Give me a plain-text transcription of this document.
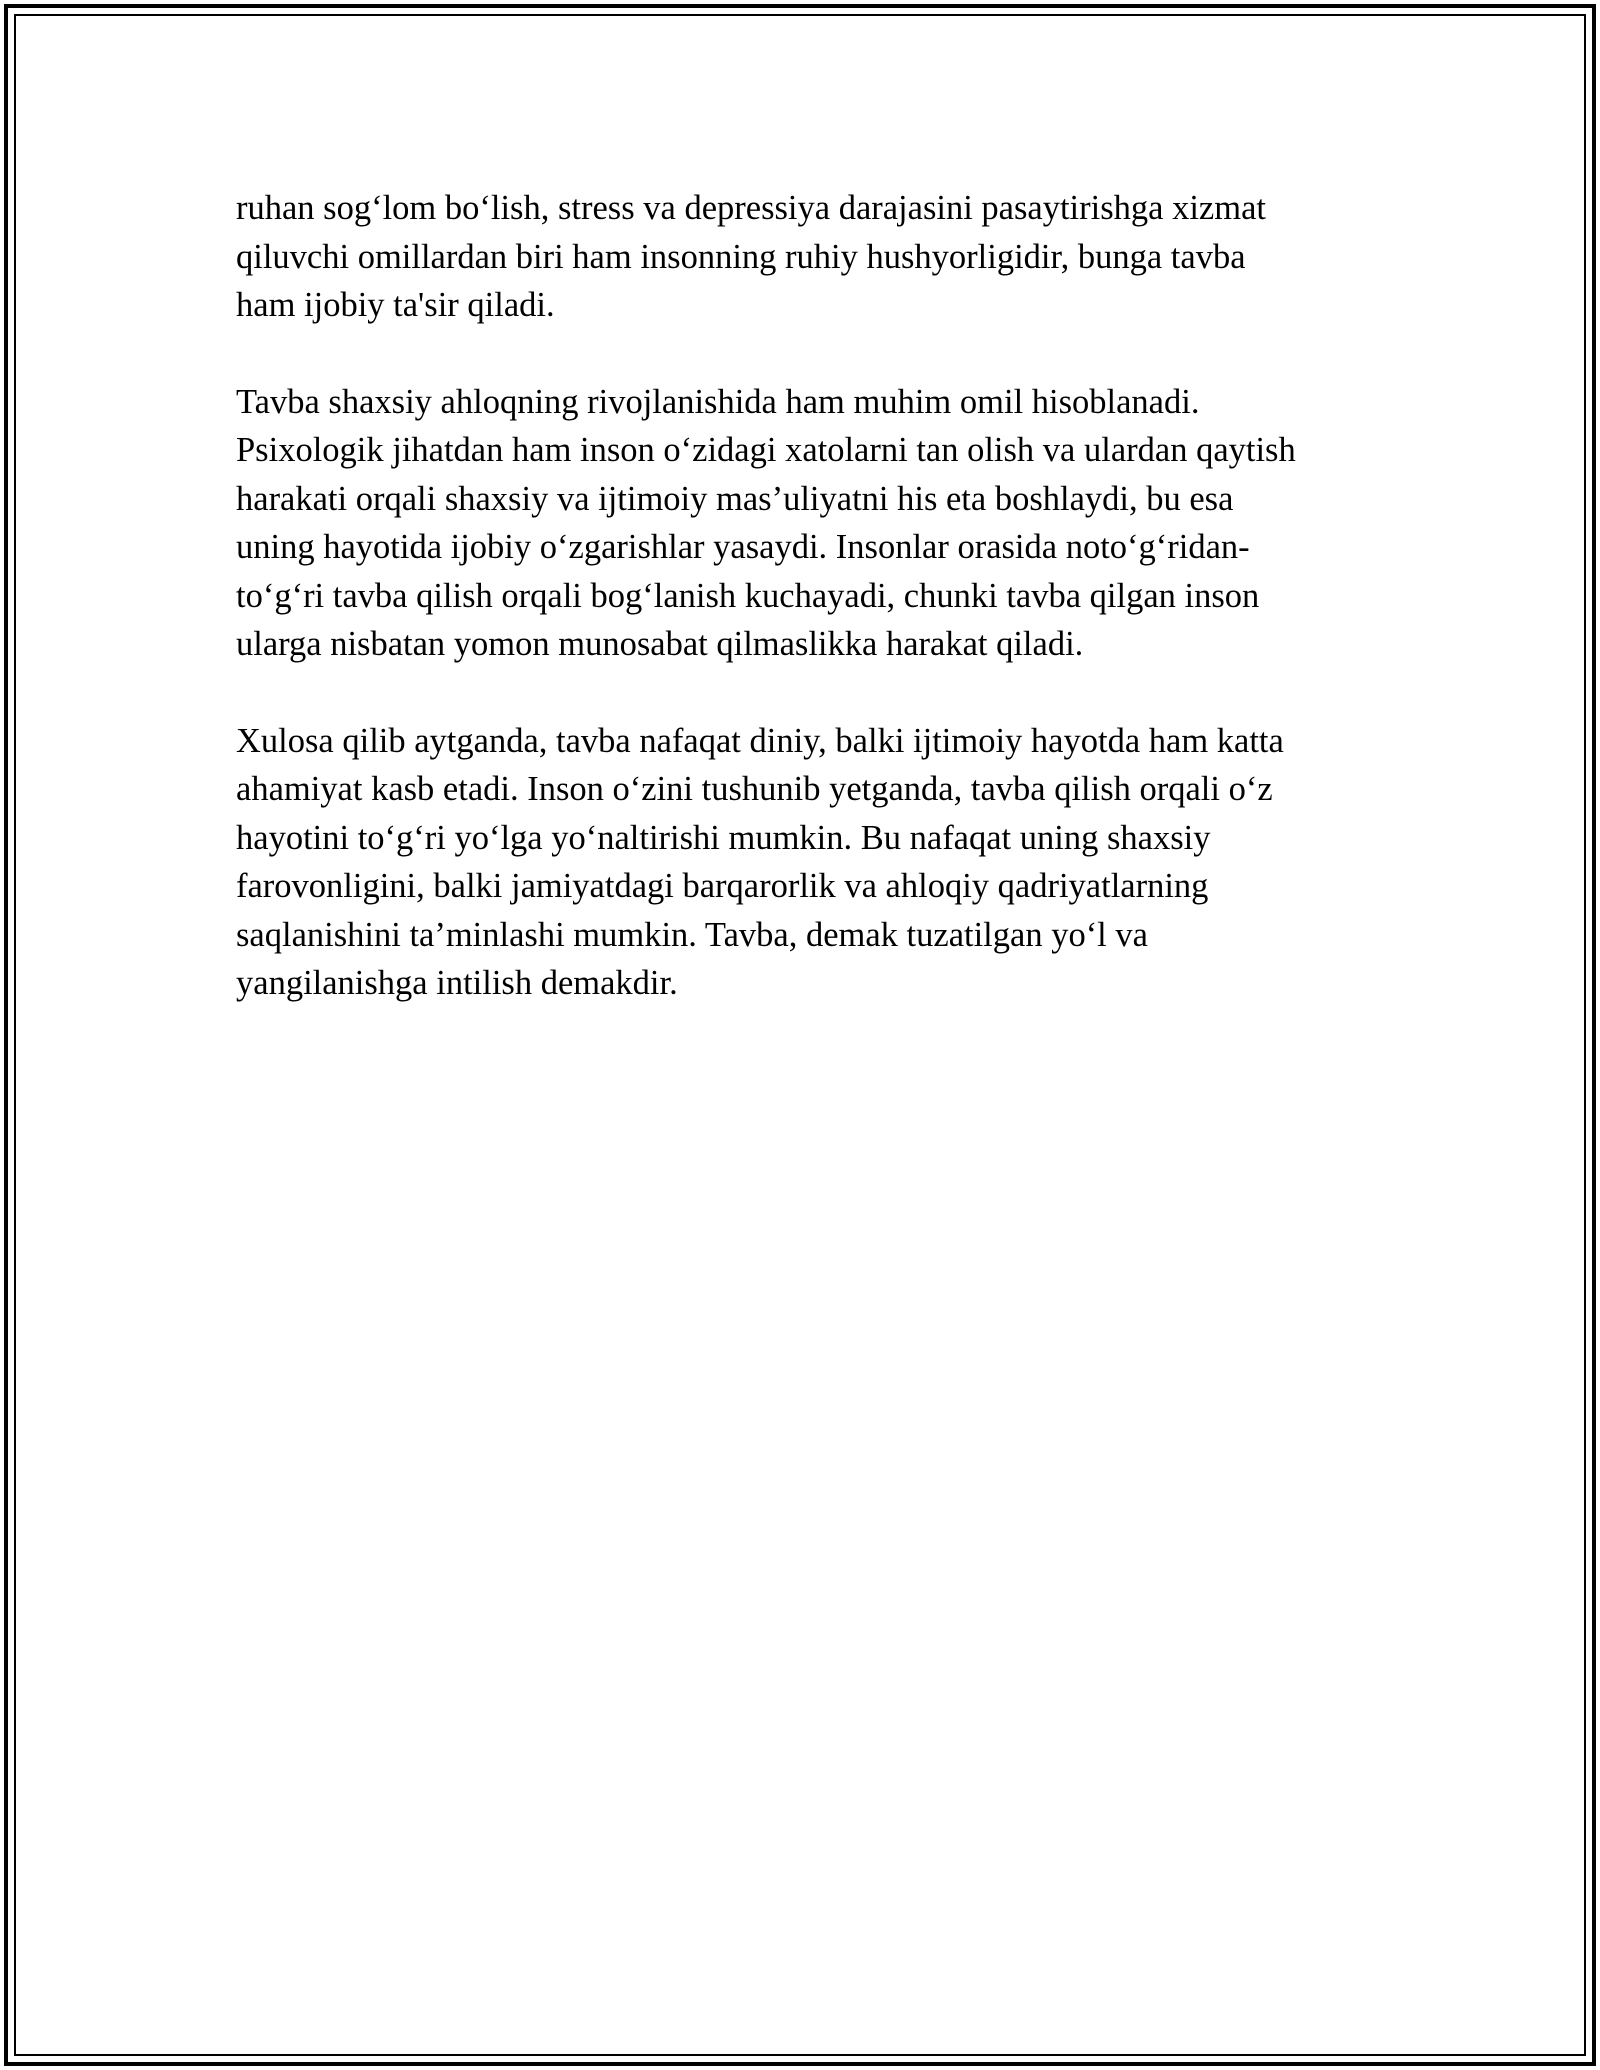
ruhan sog‘lom bo‘lish, stress va depressiya darajasini pasaytirishga xizmat
qiluvchi omillardan biri ham insonning ruhiy hushyorligidir, bunga tavba
ham ijobiy ta'sir qiladi.
Tavba shaxsiy ahloqning rivojlanishida ham muhim omil hisoblanadi.
Psixologik jihatdan ham inson o‘zidagi xatolarni tan olish va ulardan qaytish
harakati orqali shaxsiy va ijtimoiy mas’uliyatni his eta boshlaydi, bu esa
uning hayotida ijobiy o‘zgarishlar yasaydi. Insonlar orasida noto‘g‘ridan-
to‘g‘ri tavba qilish orqali bog‘lanish kuchayadi, chunki tavba qilgan inson
ularga nisbatan yomon munosabat qilmaslikka harakat qiladi.
Xulosa qilib aytganda, tavba nafaqat diniy, balki ijtimoiy hayotda ham katta
ahamiyat kasb etadi. Inson o‘zini tushunib yetganda, tavba qilish orqali o‘z
hayotini to‘g‘ri yo‘lga yo‘naltirishi mumkin. Bu nafaqat uning shaxsiy
farovonligini, balki jamiyatdagi barqarorlik va ahloqiy qadriyatlarning
saqlanishini ta’minlashi mumkin. Tavba, demak tuzatilgan yo‘l va
yangilanishga intilish demakdir.
